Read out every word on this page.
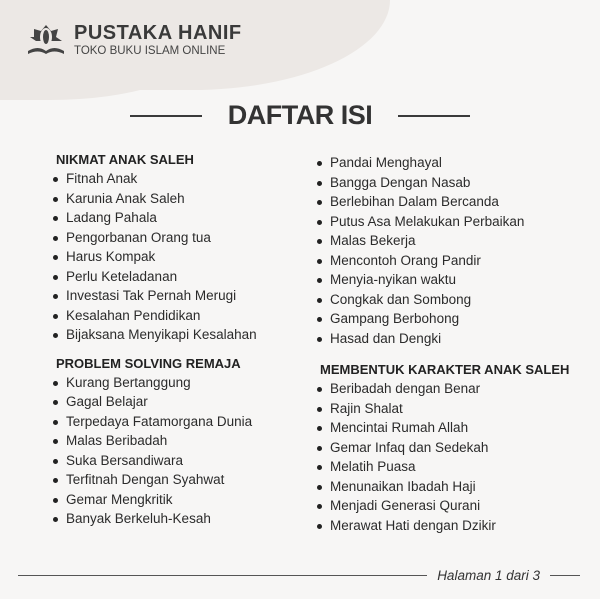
PUSTAKA HANIF
TOKO BUKU ISLAM ONLINE
DAFTAR ISI
NIKMAT ANAK SALEH
Fitnah Anak
Karunia Anak Saleh
Ladang Pahala
Pengorbanan Orang tua
Harus Kompak
Perlu Keteladanan
Investasi Tak Pernah Merugi
Kesalahan Pendidikan
Bijaksana Menyikapi Kesalahan
PROBLEM SOLVING REMAJA
Kurang Bertanggung
Gagal Belajar
Terpedaya Fatamorgana Dunia
Malas Beribadah
Suka Bersandiwara
Terfitnah Dengan Syahwat
Gemar Mengkritik
Banyak Berkeluh-Kesah
Pandai Menghayal
Bangga Dengan Nasab
Berlebihan Dalam Bercanda
Putus Asa Melakukan Perbaikan
Malas Bekerja
Mencontoh Orang Pandir
Menyia-nyikan waktu
Congkak dan Sombong
Gampang Berbohong
Hasad dan Dengki
MEMBENTUK KARAKTER ANAK SALEH
Beribadah dengan Benar
Rajin Shalat
Mencintai Rumah Allah
Gemar Infaq dan Sedekah
Melatih Puasa
Menunaikan Ibadah Haji
Menjadi Generasi Qurani
Merawat Hati dengan Dzikir
Halaman 1 dari 3
